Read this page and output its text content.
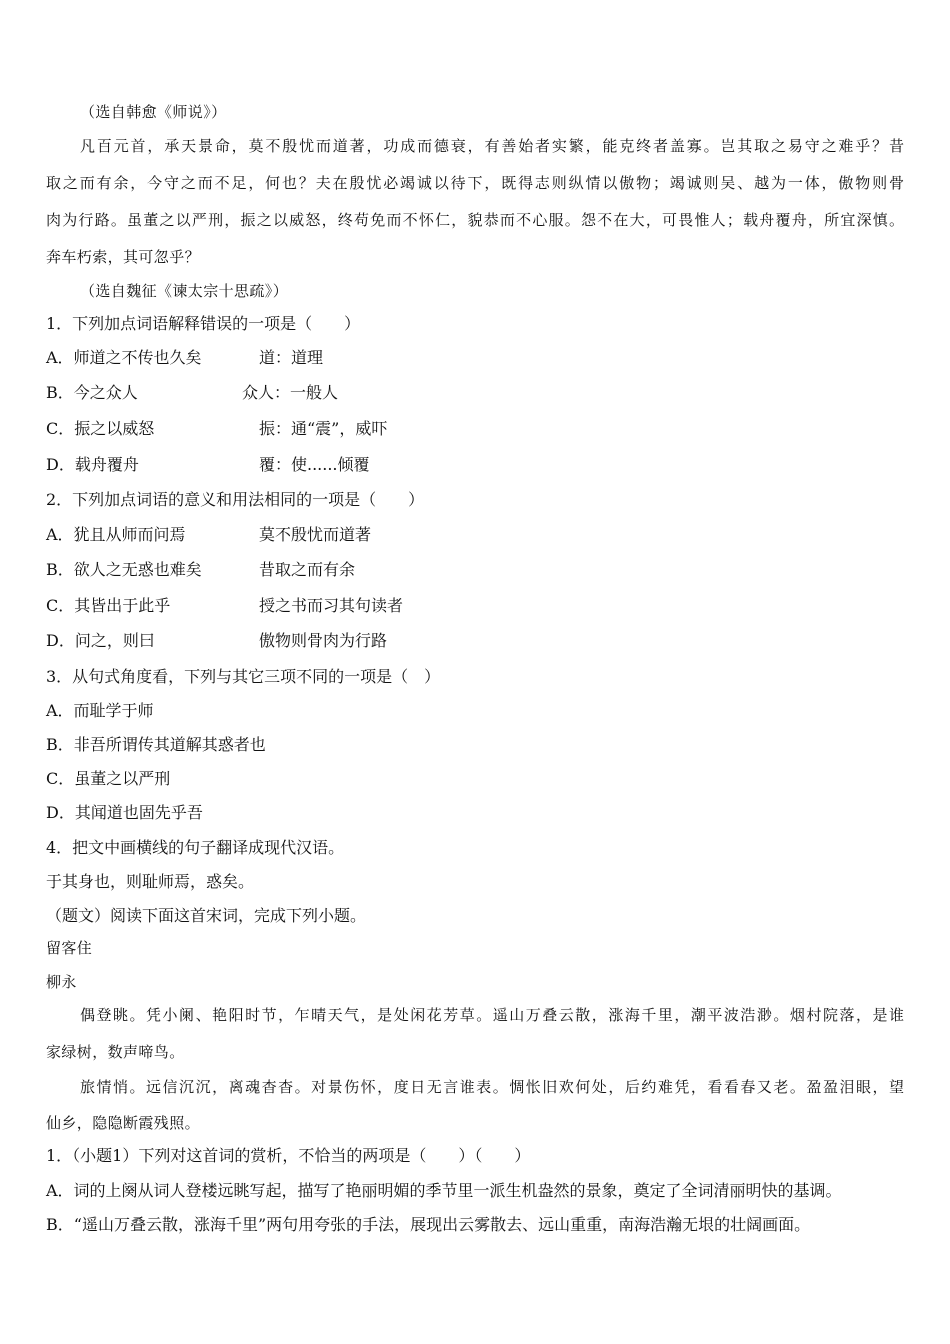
（选自韩愈《师说》）
凡百元首，承天景命，莫不殷忧而道著，功成而德衰，有善始者实繁，能克终者盖寡。岂其取之易守之难乎？昔
取之而有余，今守之而不足，何也？夫在殷忧必竭诚以待下，既得志则纵情以傲物；竭诚则吴、越为一体，傲物则骨
肉为行路。虽董之以严刑，振之以威怒，终苟免而不怀仁，貌恭而不心服。怨不在大，可畏惟人；载舟覆舟，所宜深慎。
奔车朽索，其可忽乎？
（选自魏征《谏太宗十思疏》）
1．下列加点词语解释错误的一项是（　　）
A．师道之不传也久矣	道：道理
B．今之众人	众人：一般人
C．振之以威怒	振：通“震”，威吓
D．载舟覆舟	覆：使......倾覆
2．下列加点词语的意义和用法相同的一项是（　　）
A．犹且从师而问焉	莫不殷忧而道著
B．欲人之无惑也难矣	昔取之而有余
C．其皆出于此乎	授之书而习其句读者
D．问之，则曰	傲物则骨肉为行路
3．从句式角度看，下列与其它三项不同的一项是（　）
A．而耻学于师
B．非吾所谓传其道解其惑者也
C．虽董之以严刑
D．其闻道也固先乎吾
4．把文中画横线的句子翻译成现代汉语。
于其身也，则耻师焉，惑矣。
（题文）阅读下面这首宋词，完成下列小题。
留客住
柳永
偶登眺。凭小阑、艳阳时节，乍晴天气，是处闲花芳草。遥山万叠云散，涨海千里，潮平波浩渺。烟村院落，是谁
家绿树，数声啼鸟。
旅情悄。远信沉沉，离魂杳杳。对景伤怀，度日无言谁表。惆怅旧欢何处，后约难凭，看看春又老。盈盈泪眼，望
仙乡，隐隐断霞残照。
1．（小题1）下列对这首词的赏析，不恰当的两项是（　　）（　　）
A．词的上阕从词人登楼远眺写起，描写了艳丽明媚的季节里一派生机盎然的景象，奠定了全词清丽明快的基调。
B．“遥山万叠云散，涨海千里”两句用夸张的手法，展现出云雾散去、远山重重，南海浩瀚无垠的壮阔画面。
